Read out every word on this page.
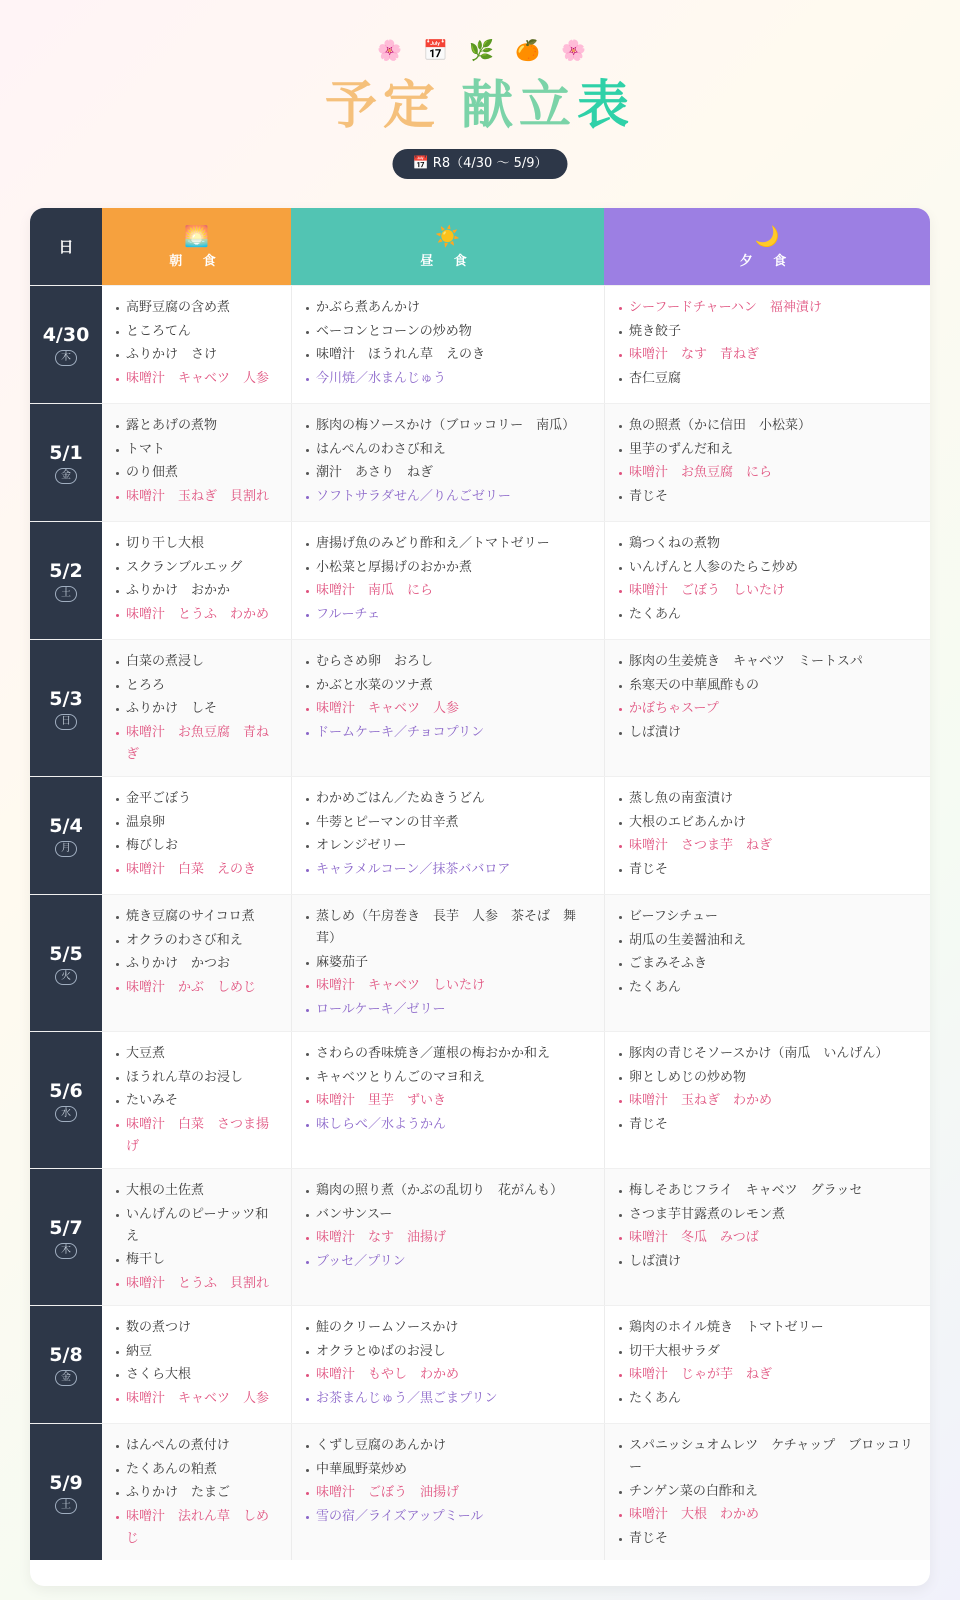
🌸 📅 🌿 🍊 🌸
予定 献立表
📅 R8（4/30 〜 5/9）
日	🌅
朝 食
☀️
昼 食
🌙
夕 食
4/30
木
高野豆腐の含め煮
ところてん
ふりかけ　さけ
味噌汁　キャベツ　人参
かぶら煮あんかけ
ベーコンとコーンの炒め物
味噌汁　ほうれん草　えのき
今川焼／水まんじゅう
シーフードチャーハン　福神漬け
焼き餃子
味噌汁　なす　青ねぎ
杏仁豆腐
5/1
金
露とあげの煮物
トマト
のり佃煮
味噌汁　玉ねぎ　貝割れ
豚肉の梅ソースかけ（ブロッコリー　南瓜）
はんぺんのわさび和え
潮汁　あさり　ねぎ
ソフトサラダせん／りんごゼリー
魚の照煮（かに信田　小松菜）
里芋のずんだ和え
味噌汁　お魚豆腐　にら
青じそ
5/2
土
切り干し大根
スクランブルエッグ
ふりかけ　おかか
味噌汁　とうふ　わかめ
唐揚げ魚のみどり酢和え／トマトゼリー
小松菜と厚揚げのおかか煮
味噌汁　南瓜　にら
フルーチェ
鶏つくねの煮物
いんげんと人参のたらこ炒め
味噌汁　ごぼう　しいたけ
たくあん
5/3
日
白菜の煮浸し
とろろ
ふりかけ　しそ
味噌汁　お魚豆腐　青ねぎ
むらさめ卵　おろし
かぶと水菜のツナ煮
味噌汁　キャベツ　人参
ドームケーキ／チョコプリン
豚肉の生姜焼き　キャベツ　ミートスパ
糸寒天の中華風酢もの
かぼちゃスープ
しば漬け
5/4
月
金平ごぼう
温泉卵
梅びしお
味噌汁　白菜　えのき
わかめごはん／たぬきうどん
牛蒡とピーマンの甘辛煮
オレンジゼリー
キャラメルコーン／抹茶ババロア
蒸し魚の南蛮漬け
大根のエビあんかけ
味噌汁　さつま芋　ねぎ
青じそ
5/5
火
焼き豆腐のサイコロ煮
オクラのわさび和え
ふりかけ　かつお
味噌汁　かぶ　しめじ
蒸しめ（午房巻き　長芋　人参　茶そば　舞茸）
麻婆茄子
味噌汁　キャベツ　しいたけ
ロールケーキ／ゼリー
ビーフシチュー
胡瓜の生姜醤油和え
ごまみそふき
たくあん
5/6
水
大豆煮
ほうれん草のお浸し
たいみそ
味噌汁　白菜　さつま揚げ
さわらの香味焼き／蓮根の梅おかか和え
キャベツとりんごのマヨ和え
味噌汁　里芋　ずいき
味しらべ／水ようかん
豚肉の青じそソースかけ（南瓜　いんげん）
卵としめじの炒め物
味噌汁　玉ねぎ　わかめ
青じそ
5/7
木
大根の土佐煮
いんげんのピーナッツ和え
梅干し
味噌汁　とうふ　貝割れ
鶏肉の照り煮（かぶの乱切り　花がんも）
バンサンスー
味噌汁　なす　油揚げ
ブッセ／プリン
梅しそあじフライ　キャベツ　グラッセ
さつま芋甘露煮のレモン煮
味噌汁　冬瓜　みつば
しば漬け
5/8
金
数の煮つけ
納豆
さくら大根
味噌汁　キャベツ　人参
鮭のクリームソースかけ
オクラとゆばのお浸し
味噌汁　もやし　わかめ
お茶まんじゅう／黒ごまプリン
鶏肉のホイル焼き　トマトゼリー
切干大根サラダ
味噌汁　じゃが芋　ねぎ
たくあん
5/9
土
はんぺんの煮付け
たくあんの粕煮
ふりかけ　たまご
味噌汁　法れん草　しめじ
くずし豆腐のあんかけ
中華風野菜炒め
味噌汁　ごぼう　油揚げ
雪の宿／ライズアップミール
スパニッシュオムレツ　ケチャップ　ブロッコリー
チンゲン菜の白酢和え
味噌汁　大根　わかめ
青じそ
